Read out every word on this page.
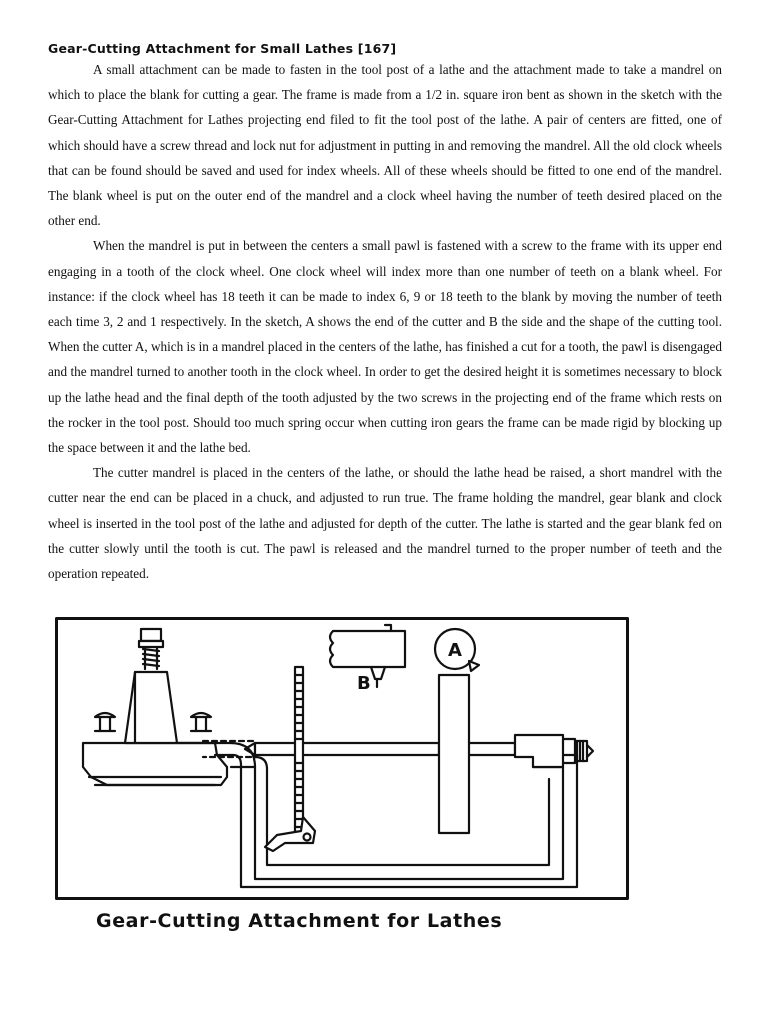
Gear-Cutting Attachment for Small Lathes [167]

A small attachment can be made to fasten in the tool post of a lathe and the attachment made to take a mandrel on which to place the blank for cutting a gear. The frame is made from a 1/2 in. square iron bent as shown in the sketch with the Gear-Cutting Attachment for Lathes projecting end filed to fit the tool post of the lathe. A pair of centers are fitted, one of which should have a screw thread and lock nut for adjustment in putting in and removing the mandrel. All the old clock wheels that can be found should be saved and used for index wheels. All of these wheels should be fitted to one end of the mandrel. The blank wheel is put on the outer end of the mandrel and a clock wheel having the number of teeth desired placed on the other end.

When the mandrel is put in between the centers a small pawl is fastened with a screw to the frame with its upper end engaging in a tooth of the clock wheel. One clock wheel will index more than one number of teeth on a blank wheel. For instance: if the clock wheel has 18 teeth it can be made to index 6, 9 or 18 teeth to the blank by moving the number of teeth each time 3, 2 and 1 respectively. In the sketch, A shows the end of the cutter and B the side and the shape of the cutting tool. When the cutter A, which is in a mandrel placed in the centers of the lathe, has finished a cut for a tooth, the pawl is disengaged and the mandrel turned to another tooth in the clock wheel. In order to get the desired height it is sometimes necessary to block up the lathe head and the final depth of the tooth adjusted by the two screws in the projecting end of the frame which rests on the rocker in the tool post. Should too much spring occur when cutting iron gears the frame can be made rigid by blocking up the space between it and the lathe bed.

The cutter mandrel is placed in the centers of the lathe, or should the lathe head be raised, a short mandrel with the cutter near the end can be placed in a chuck, and adjusted to run true. The frame holding the mandrel, gear blank and clock wheel is inserted in the tool post of the lathe and adjusted for depth of the cutter. The lathe is started and the gear blank fed on the cutter slowly until the tooth is cut. The pawl is released and the mandrel turned to the proper number of teeth and the operation repeated.

B
A
Gear-Cutting Attachment for Lathes
